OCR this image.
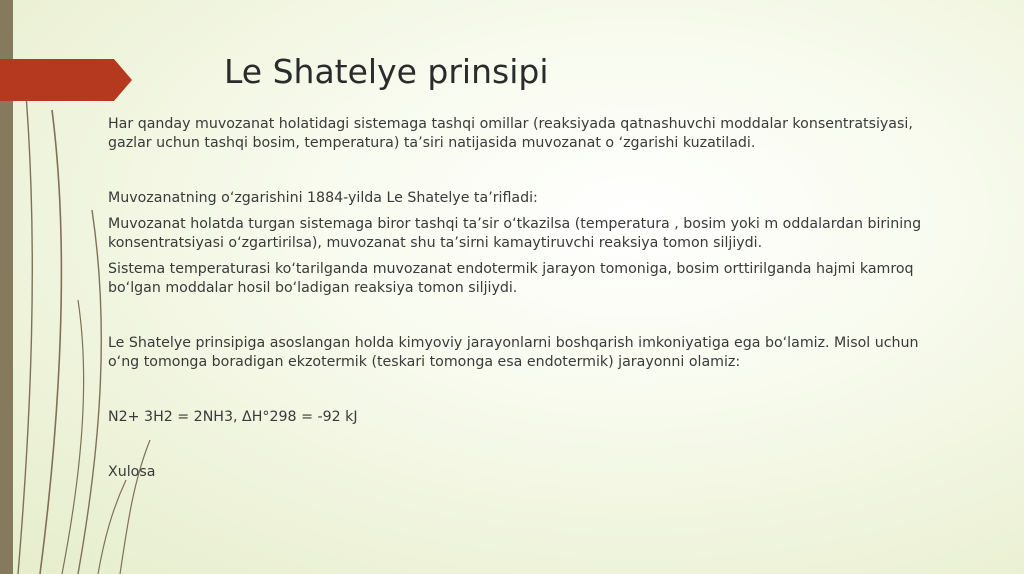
Le Shatelye prinsipi

Har qanday muvozanat holatidagi sistemaga tashqi omillar (reaksiyada qatnashuvchi moddalar konsentratsiyasi, gazlar uchun tashqi bosim, temperatura) ta’siri natijasida muvozanat o ‘zgarishi kuzatiladi.

Muvozanatning o‘zgarishini 1884-yilda Le Shatelye ta’rifladi:

Muvozanat holatda turgan sistemaga biror tashqi ta’sir o‘tkazilsa (temperatura , bosim yoki m oddalardan birining konsentratsiyasi o‘zgartirilsa), muvozanat shu ta’sirni kamaytiruvchi reaksiya tomon siljiydi.

Sistema temperaturasi ko‘tarilganda muvozanat endotermik jarayon tomoniga, bosim orttirilganda hajmi kamroq bo‘lgan moddalar hosil bo‘ladigan reaksiya tomon siljiydi.

Le Shatelye prinsipiga asoslangan holda kimyoviy jarayonlarni boshqarish imkoniyatiga ega bo‘lamiz. Misol uchun o‘ng tomonga boradigan ekzotermik (teskari tomonga esa endotermik) jarayonni olamiz:

N2+ 3H2 = 2NH3, ΔH°298 = -92 kJ

Xulosa
